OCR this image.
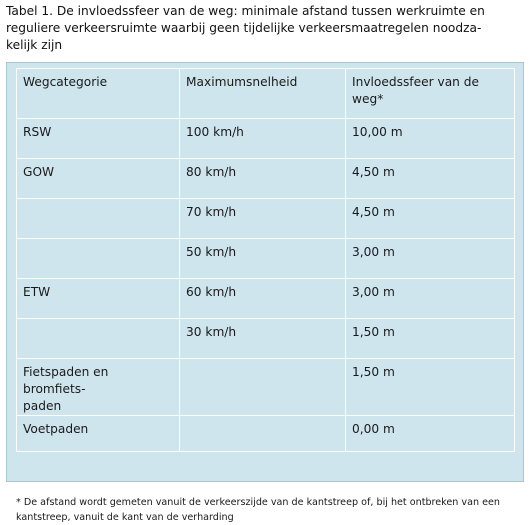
Tabel 1. De invloedssfeer van de weg: minimale afstand tussen werkruimte en
reguliere verkeersruimte waarbij geen tijdelijke verkeersmaatregelen noodza-
kelijk zijn
Wegcategorie	Maximumsnelheid	Invloedssfeer van de
weg*

RSW	100 km/h	10,00 m
GOW	80 km/h	4,50 m
	70 km/h	4,50 m
	50 km/h	3,00 m
ETW	60 km/h	3,00 m
	30 km/h	1,50 m

Fietspaden en bromfiets-
paden		1,50 m
Voetpaden		0,00 m
* De afstand wordt gemeten vanuit de verkeerszijde van de kantstreep of, bij het ontbreken van een
kantstreep, vanuit de kant van de verharding
